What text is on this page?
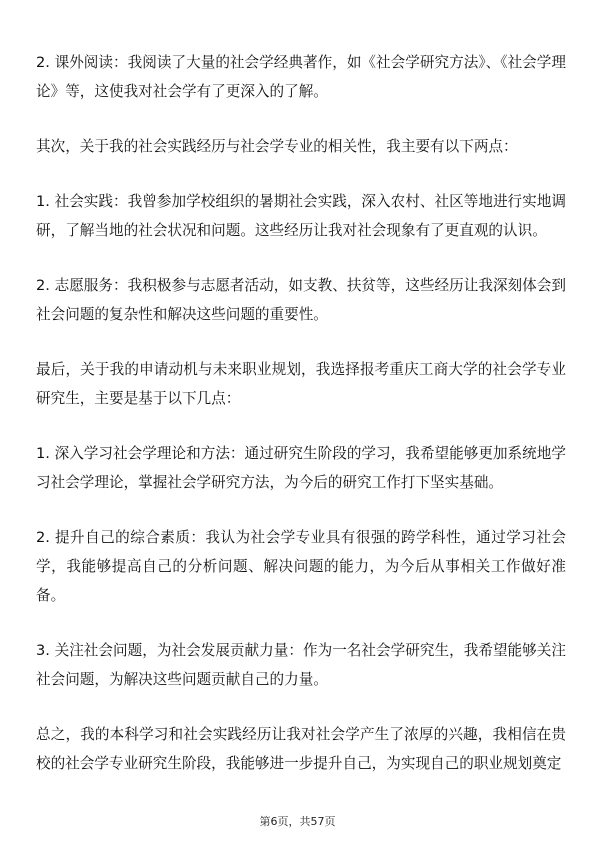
2. 课外阅读：我阅读了大量的社会学经典著作，如《社会学研究方法》、《社会学理论》等，这使我对社会学有了更深入的了解。

其次，关于我的社会实践经历与社会学专业的相关性，我主要有以下两点：

1. 社会实践：我曾参加学校组织的暑期社会实践，深入农村、社区等地进行实地调研，了解当地的社会状况和问题。这些经历让我对社会现象有了更直观的认识。

2. 志愿服务：我积极参与志愿者活动，如支教、扶贫等，这些经历让我深刻体会到社会问题的复杂性和解决这些问题的重要性。

最后，关于我的申请动机与未来职业规划，我选择报考重庆工商大学的社会学专业研究生，主要是基于以下几点：

1. 深入学习社会学理论和方法：通过研究生阶段的学习，我希望能够更加系统地学习社会学理论，掌握社会学研究方法，为今后的研究工作打下坚实基础。

2. 提升自己的综合素质：我认为社会学专业具有很强的跨学科性，通过学习社会学，我能够提高自己的分析问题、解决问题的能力，为今后从事相关工作做好准备。

3. 关注社会问题，为社会发展贡献力量：作为一名社会学研究生，我希望能够关注社会问题，为解决这些问题贡献自己的力量。

总之，我的本科学习和社会实践经历让我对社会学产生了浓厚的兴趣，我相信在贵校的社会学专业研究生阶段，我能够进一步提升自己，为实现自己的职业规划奠定

第6页，共57页
